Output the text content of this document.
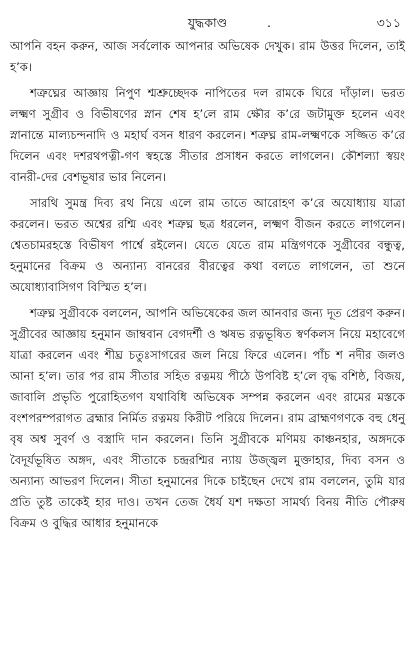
যুদ্ধকাণ্ড	.	৩১১

আপনি বহন করুন, আজ সর্বলোক আপনার অভিষেক দেখুক। রাম উত্তর দিলেন, তাই হ’ক।

শত্রুঘ্নের আজ্ঞায় নিপুণ শ্মশ্রুচ্ছেদক নাপিতের দল রামকে ঘিরে দাঁড়াল। ভরত লক্ষ্মণ সুগ্রীব ও বিভীষণের স্নান শেষ হ’লে রাম ক্ষৌর ক’রে জটামুক্ত হলেন এবং স্নানান্তে মাল্যচন্দনাদি ও মহার্ঘ বসন ধারণ করলেন। শত্রুঘ্ন রাম-লক্ষ্মণকে সজ্জিত ক’রে দিলেন এবং দশরথপত্নী-গণ স্বহস্তে সীতার প্রসাধন করতে লাগলেন। কৌশল্যা স্বয়ং বানরী-দের বেশভূষার ভার নিলেন।

সারথি সুমন্ত্র দিব্য রথ নিয়ে এলে রাম তাতে আরোহণ ক’রে অযোধ্যায় যাত্রা করলেন। ভরত অশ্বের রশ্মি এবং শত্রুঘ্ন ছত্র ধরলেন, লক্ষ্মণ বীজন করতে লাগলেন। শ্বেতচামরহস্তে বিভীষণ পার্শ্বে রইলেন। যেতে যেতে রাম মন্ত্রিগণকে সুগ্রীবের বন্ধুত্ব, হনুমানের বিক্রম ও অন্যান্য বানরের বীরত্বের কথা বলতে লাগলেন, তা শুনে অযোধ্যাবাসিগণ বিস্মিত হ’ল।

শত্রুঘ্ন সুগ্রীবকে বললেন, আপনি অভিষেকের জল আনবার জন্য দূত প্রেরণ করুন। সুগ্রীবের আজ্ঞায় হনুমান জাম্ববান বেগদর্শী ও ঋষভ রত্নভূষিত স্বর্ণকলস নিয়ে মহাবেগে যাত্রা করলেন এবং শীঘ্র চতুঃসাগরের জল নিয়ে ফিরে এলেন। পাঁচ শ নদীর জলও আনা হ’ল। তার পর রাম সীতার সহিত রত্নময় পীঠে উপবিষ্ট হ’লে বৃদ্ধ বশিষ্ঠ, বিজয়, জাবালি প্রভৃতি পুরোহিতগণ যথাবিধি অভিষেক সম্পন্ন করলেন এবং রামের মস্তকে বংশপরম্পরাগত ব্রহ্মার নির্মিত রত্নময় কিরীট পরিয়ে দিলেন। রাম ব্রাহ্মণগণকে বহু ধেনু বৃষ অশ্ব সুবর্ণ ও বস্ত্রাদি দান করলেন। তিনি সুগ্রীবকে মণিময় কাঞ্চনহার, অঙ্গদকে বৈদূর্যভূষিত অঙ্গদ, এবং সীতাকে চন্দ্ররশ্মির ন্যায় উজ্জ্বল মুক্তাহার, দিব্য বসন ও অন্যান্য আভরণ দিলেন। সীতা হনুমানের দিকে চাইছেন দেখে রাম বললেন, তুমি যার প্রতি তুষ্ট তাকেই হার দাও। তখন তেজ ধৈর্য যশ দক্ষতা সামর্থ্য বিনয় নীতি পৌরুষ বিক্রম ও বুদ্ধির আধার হনুমানকে
